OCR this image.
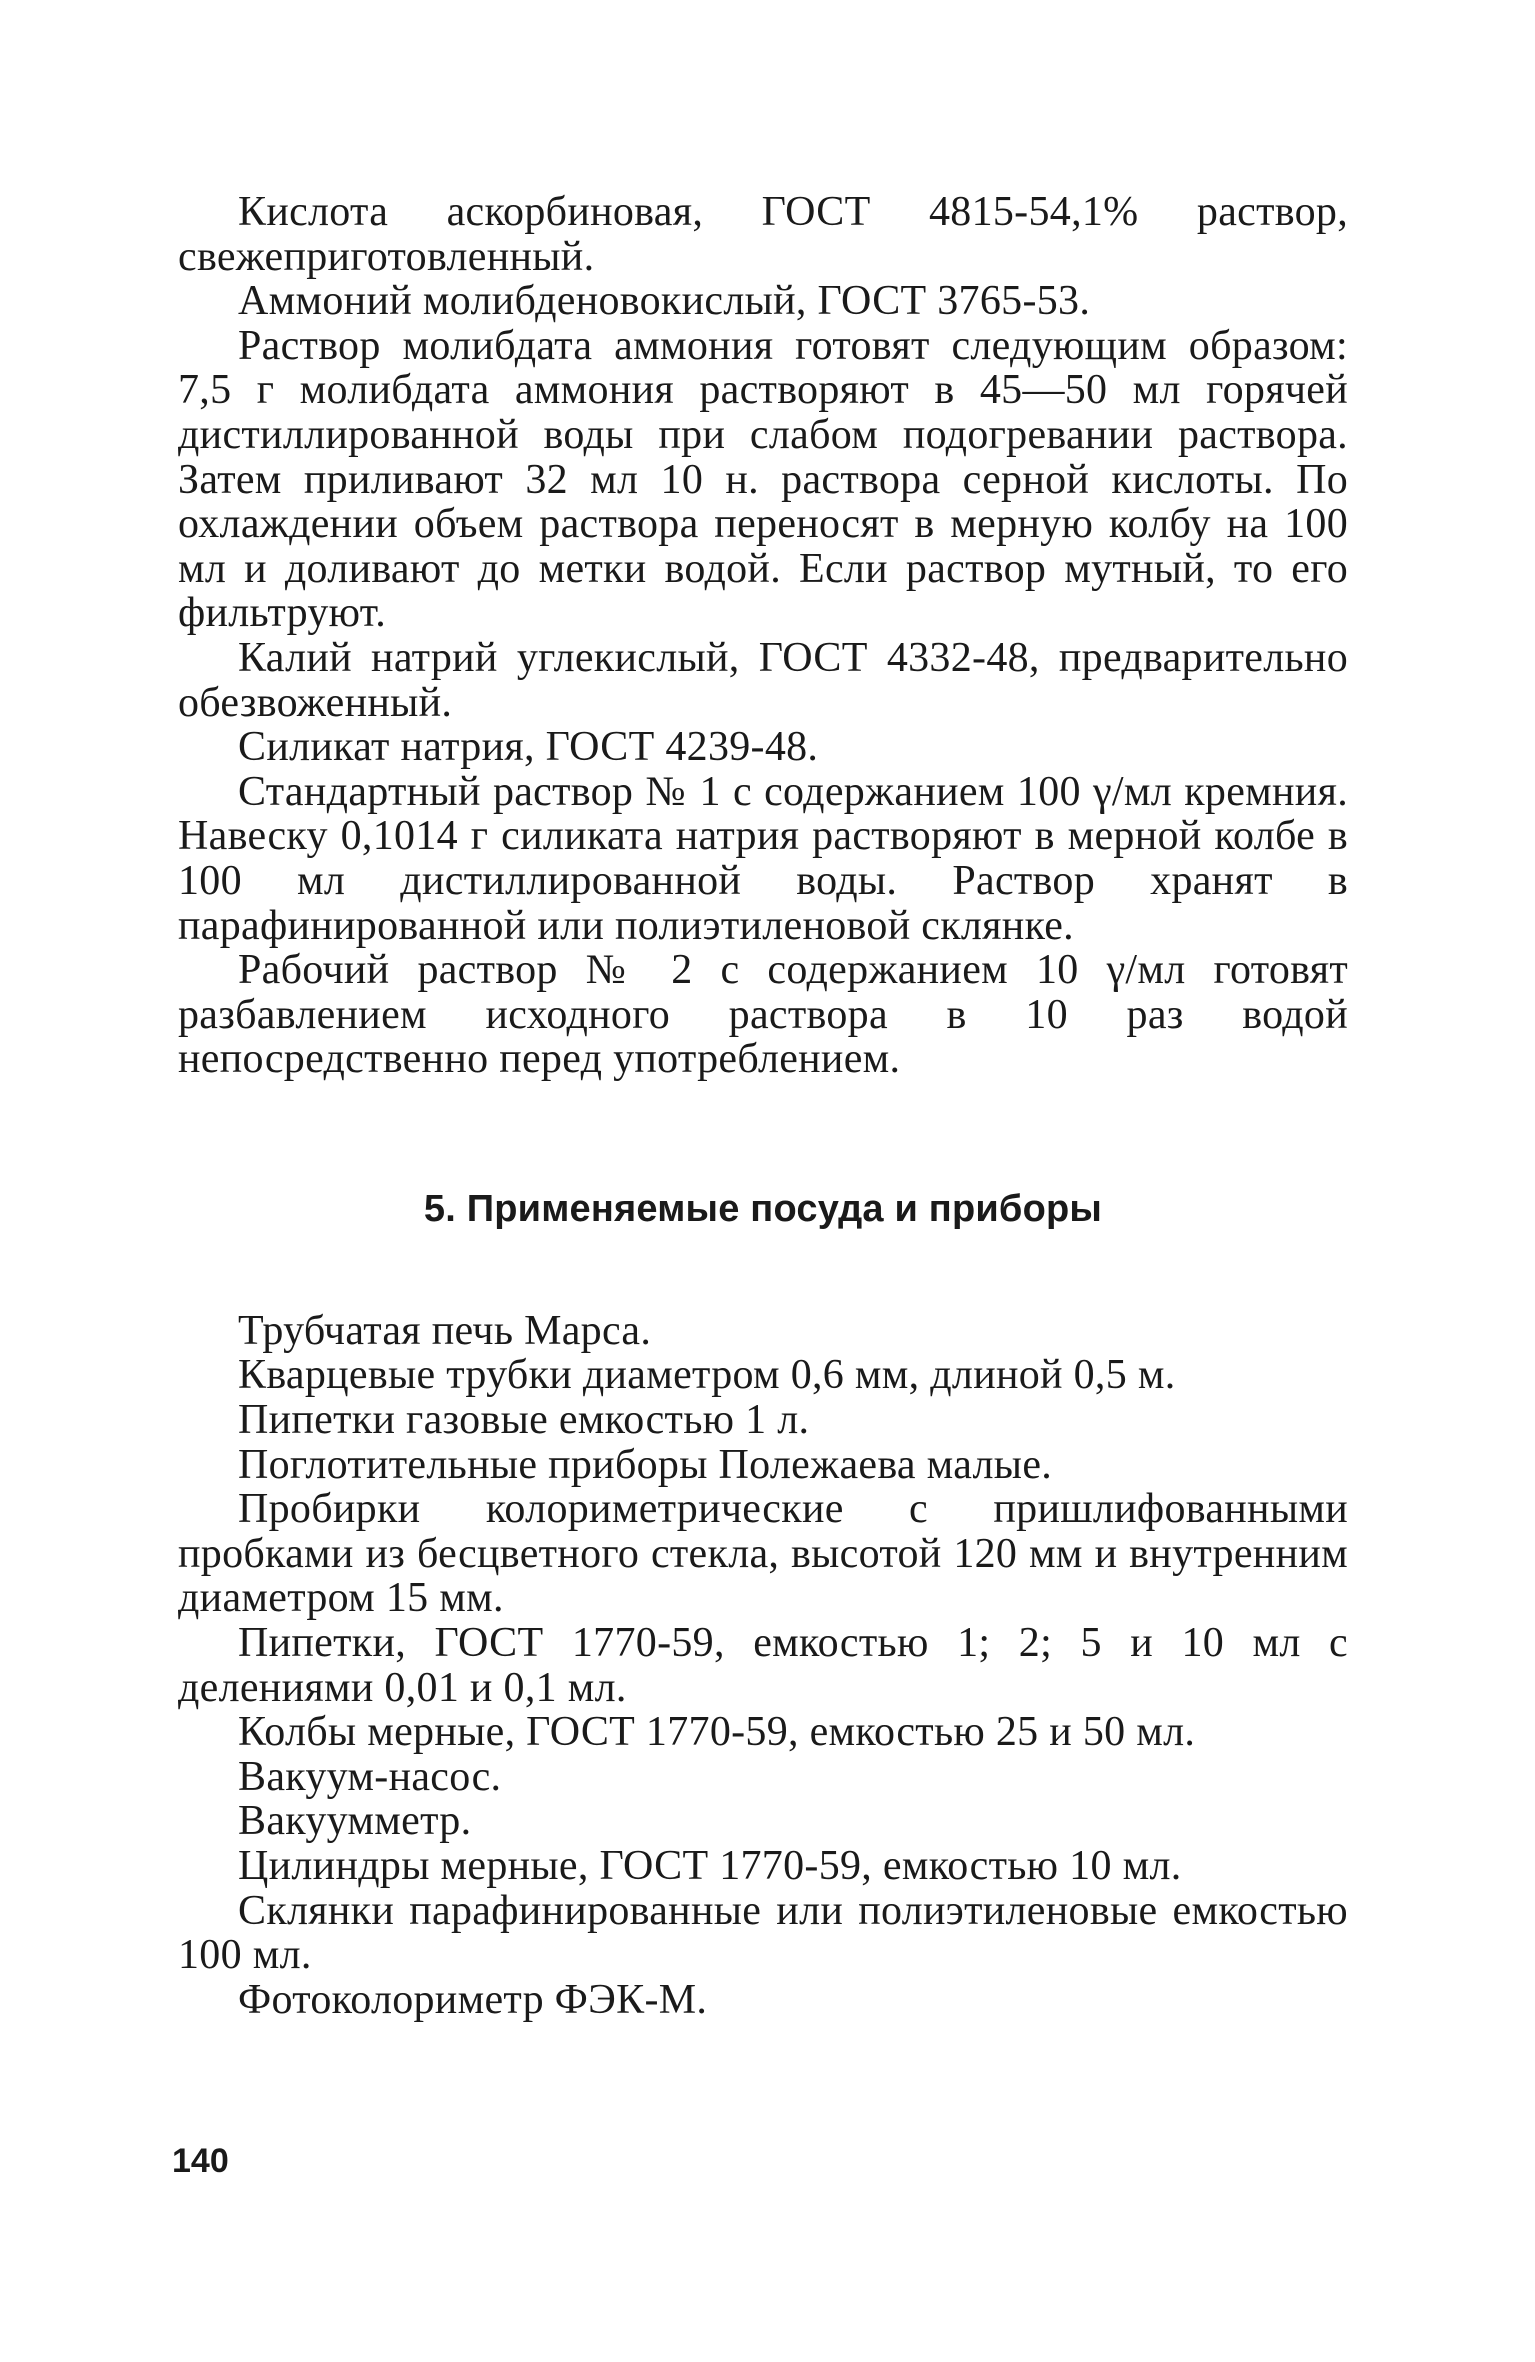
Кислота аскорбиновая, ГОСТ 4815-54,1% раствор, свежеприготовленный.

Аммоний молибденовокислый, ГОСТ 3765-53.

Раствор молибдата аммония готовят следующим образом: 7,5 г молибдата аммония растворяют в 45—50 мл горячей дистиллированной воды при слабом подогревании раствора. Затем приливают 32 мл 10 н. раствора серной кислоты. По охлаждении объем раствора переносят в мерную колбу на 100 мл и доливают до метки водой. Если раствор мутный, то его фильтруют.

Калий натрий углекислый, ГОСТ 4332-48, предварительно обезвоженный.

Силикат натрия, ГОСТ 4239-48.

Стандартный раствор № 1 с содержанием 100 γ/мл кремния. Навеску 0,1014 г силиката натрия растворяют в мерной колбе в 100 мл дистиллированной воды. Раствор хранят в парафинированной или полиэтиленовой склянке.

Рабочий раствор № 2 с содержанием 10 γ/мл готовят разбавлением исходного раствора в 10 раз водой непосредственно перед употреблением.

5. Применяемые посуда и приборы

Трубчатая печь Марса.

Кварцевые трубки диаметром 0,6 мм, длиной 0,5 м.

Пипетки газовые емкостью 1 л.

Поглотительные приборы Полежаева малые.

Пробирки колориметрические с пришлифованными пробками из бесцветного стекла, высотой 120 мм и внутренним диаметром 15 мм.

Пипетки, ГОСТ 1770-59, емкостью 1; 2; 5 и 10 мл с делениями 0,01 и 0,1 мл.

Колбы мерные, ГОСТ 1770-59, емкостью 25 и 50 мл.

Вакуум-насос.

Вакуумметр.

Цилиндры мерные, ГОСТ 1770-59, емкостью 10 мл.

Склянки парафинированные или полиэтиленовые емкостью 100 мл.

Фотоколориметр ФЭК-М.

140
